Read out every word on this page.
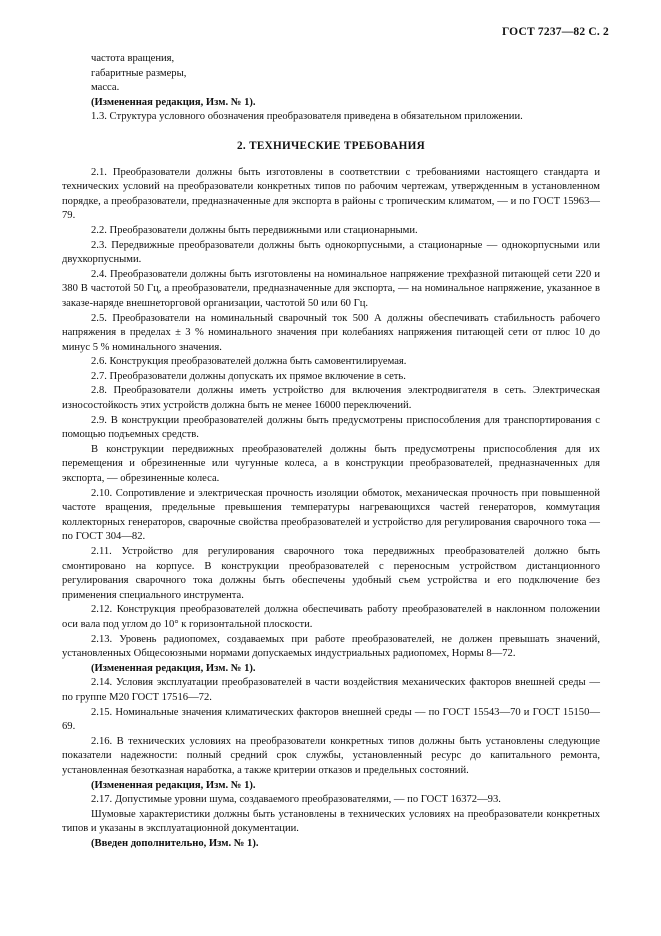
ГОСТ 7237—82 С. 2

частота вращения,

габаритные размеры,

масса.

(Измененная редакция, Изм. № 1).

1.3. Структура условного обозначения преобразователя приведена в обязательном приложении.

2. ТЕХНИЧЕСКИЕ ТРЕБОВАНИЯ

2.1. Преобразователи должны быть изготовлены в соответствии с требованиями настоящего стандарта и технических условий на преобразователи конкретных типов по рабочим чертежам, утвержденным в установленном порядке, а преобразователи, предназначенные для экспорта в районы с тропическим климатом, — и по ГОСТ 15963—79.

2.2. Преобразователи должны быть передвижными или стационарными.

2.3. Передвижные преобразователи должны быть однокорпусными, а стационарные — однокорпусными или двухкорпусными.

2.4. Преобразователи должны быть изготовлены на номинальное напряжение трехфазной питающей сети 220 и 380 В частотой 50 Гц, а преобразователи, предназначенные для экспорта, — на номинальное напряжение, указанное в заказе-наряде внешнеторговой организации, частотой 50 или 60 Гц.

2.5. Преобразователи на номинальный сварочный ток 500 А должны обеспечивать стабильность рабочего напряжения в пределах ± 3 % номинального значения при колебаниях напряжения питающей сети от плюс 10 до минус 5 % номинального значения.

2.6. Конструкция преобразователей должна быть самовентилируемая.

2.7. Преобразователи должны допускать их прямое включение в сеть.

2.8. Преобразователи должны иметь устройство для включения электродвигателя в сеть. Электрическая износостойкость этих устройств должна быть не менее 16000 переключений.

2.9. В конструкции преобразователей должны быть предусмотрены приспособления для транспортирования с помощью подъемных средств.

В конструкции передвижных преобразователей должны быть предусмотрены приспособления для их перемещения и обрезиненные или чугунные колеса, а в конструкции преобразователей, предназначенных для экспорта, — обрезиненные колеса.

2.10. Сопротивление и электрическая прочность изоляции обмоток, механическая прочность при повышенной частоте вращения, предельные превышения температуры нагревающихся частей генераторов, коммутация коллекторных генераторов, сварочные свойства преобразователей и устройство для регулирования сварочного тока — по ГОСТ 304—82.

2.11. Устройство для регулирования сварочного тока передвижных преобразователей должно быть смонтировано на корпусе. В конструкции преобразователей с переносным устройством дистанционного регулирования сварочного тока должны быть обеспечены удобный съем устройства и его подключение без применения специального инструмента.

2.12. Конструкция преобразователей должна обеспечивать работу преобразователей в наклонном положении оси вала под углом до 10° к горизонтальной плоскости.

2.13. Уровень радиопомех, создаваемых при работе преобразователей, не должен превышать значений, установленных Общесоюзными нормами допускаемых индустриальных радиопомех, Нормы 8—72.

(Измененная редакция, Изм. № 1).

2.14. Условия эксплуатации преобразователей в части воздействия механических факторов внешней среды — по группе М20 ГОСТ 17516—72.

2.15. Номинальные значения климатических факторов внешней среды — по ГОСТ 15543—70 и ГОСТ 15150—69.

2.16. В технических условиях на преобразователи конкретных типов должны быть установлены следующие показатели надежности: полный средний срок службы, установленный ресурс до капитального ремонта, установленная безотказная наработка, а также критерии отказов и предельных состояний.

(Измененная редакция, Изм. № 1).

2.17. Допустимые уровни шума, создаваемого преобразователями, — по ГОСТ 16372—93.

Шумовые характеристики должны быть установлены в технических условиях на преобразователи конкретных типов и указаны в эксплуатационной документации.

(Введен дополнительно, Изм. № 1).
